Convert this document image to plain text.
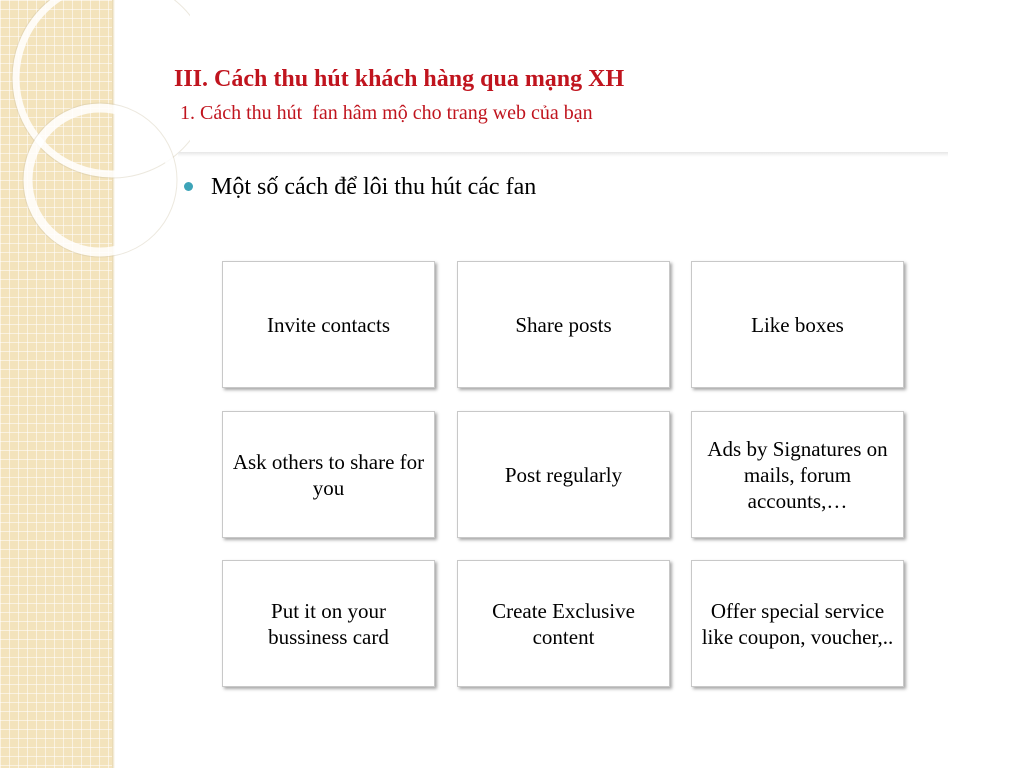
III. Cách thu hút khách hàng qua mạng XH
1. Cách thu hút  fan hâm mộ cho trang web của bạn
Một số cách để lôi thu hút các fan
Invite contacts	Share posts	Like boxes
Ask others to share for you
Post regularly
Ads by Signatures on mails, forum accounts,…
Put it on your bussiness card
Create Exclusive content
Offer special service like coupon, voucher,..
